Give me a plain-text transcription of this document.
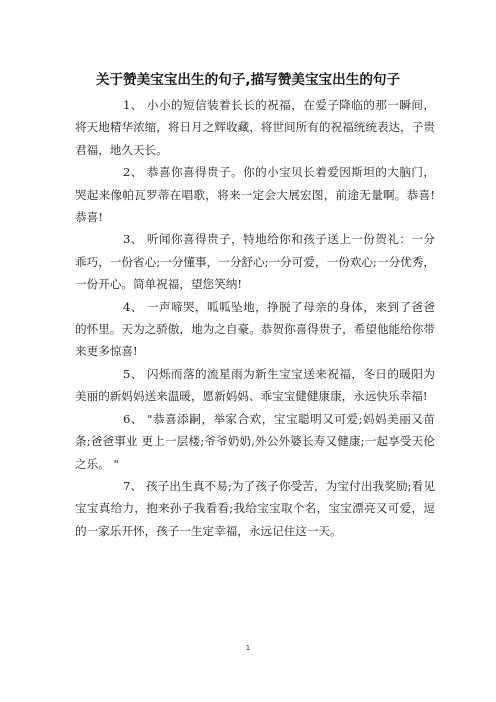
关于赞美宝宝出生的句子,描写赞美宝宝出生的句子

1、 小小的短信装着长长的祝福，在爱子降临的那一瞬间，将天地精华浓缩，将日月之辉收藏，将世间所有的祝福统统表达，子贵君福，地久天长。

2、 恭喜你喜得贵子。你的小宝贝长着爱因斯坦的大脑门，哭起来像帕瓦罗蒂在唱歌，将来一定会大展宏图，前途无量啊。恭喜!恭喜!

3、 听闻你喜得贵子，特地给你和孩子送上一份贺礼：一分乖巧，一份省心;一分懂事，一分舒心;一分可爱，一份欢心;一分优秀，一份开心。简单祝福，望您笑纳!

4、 一声啼哭，呱呱坠地，挣脱了母亲的身体，来到了爸爸的怀里。天为之骄傲，地为之自豪。恭贺你喜得贵子，希望他能给你带来更多惊喜!

5、 闪烁而落的流星雨为新生宝宝送来祝福，冬日的暖阳为美丽的新妈妈送来温暖，愿新妈妈、乖宝宝健健康康，永远快乐幸福!

6、 "恭喜添嗣，举家合欢，宝宝聪明又可爱;妈妈美丽又苗条;爸爸事业 更上一层楼;爷爷奶奶,外公外婆长寿又健康;一起享受天伦之乐。 "

7、 孩子出生真不易;为了孩子你受苦，为宝付出我奖励;看见宝宝真给力，抱来孙子我看看;我给宝宝取个名，宝宝漂亮又可爱，逗的一家乐开怀，孩子一生定幸福，永远记住这一天。

1
